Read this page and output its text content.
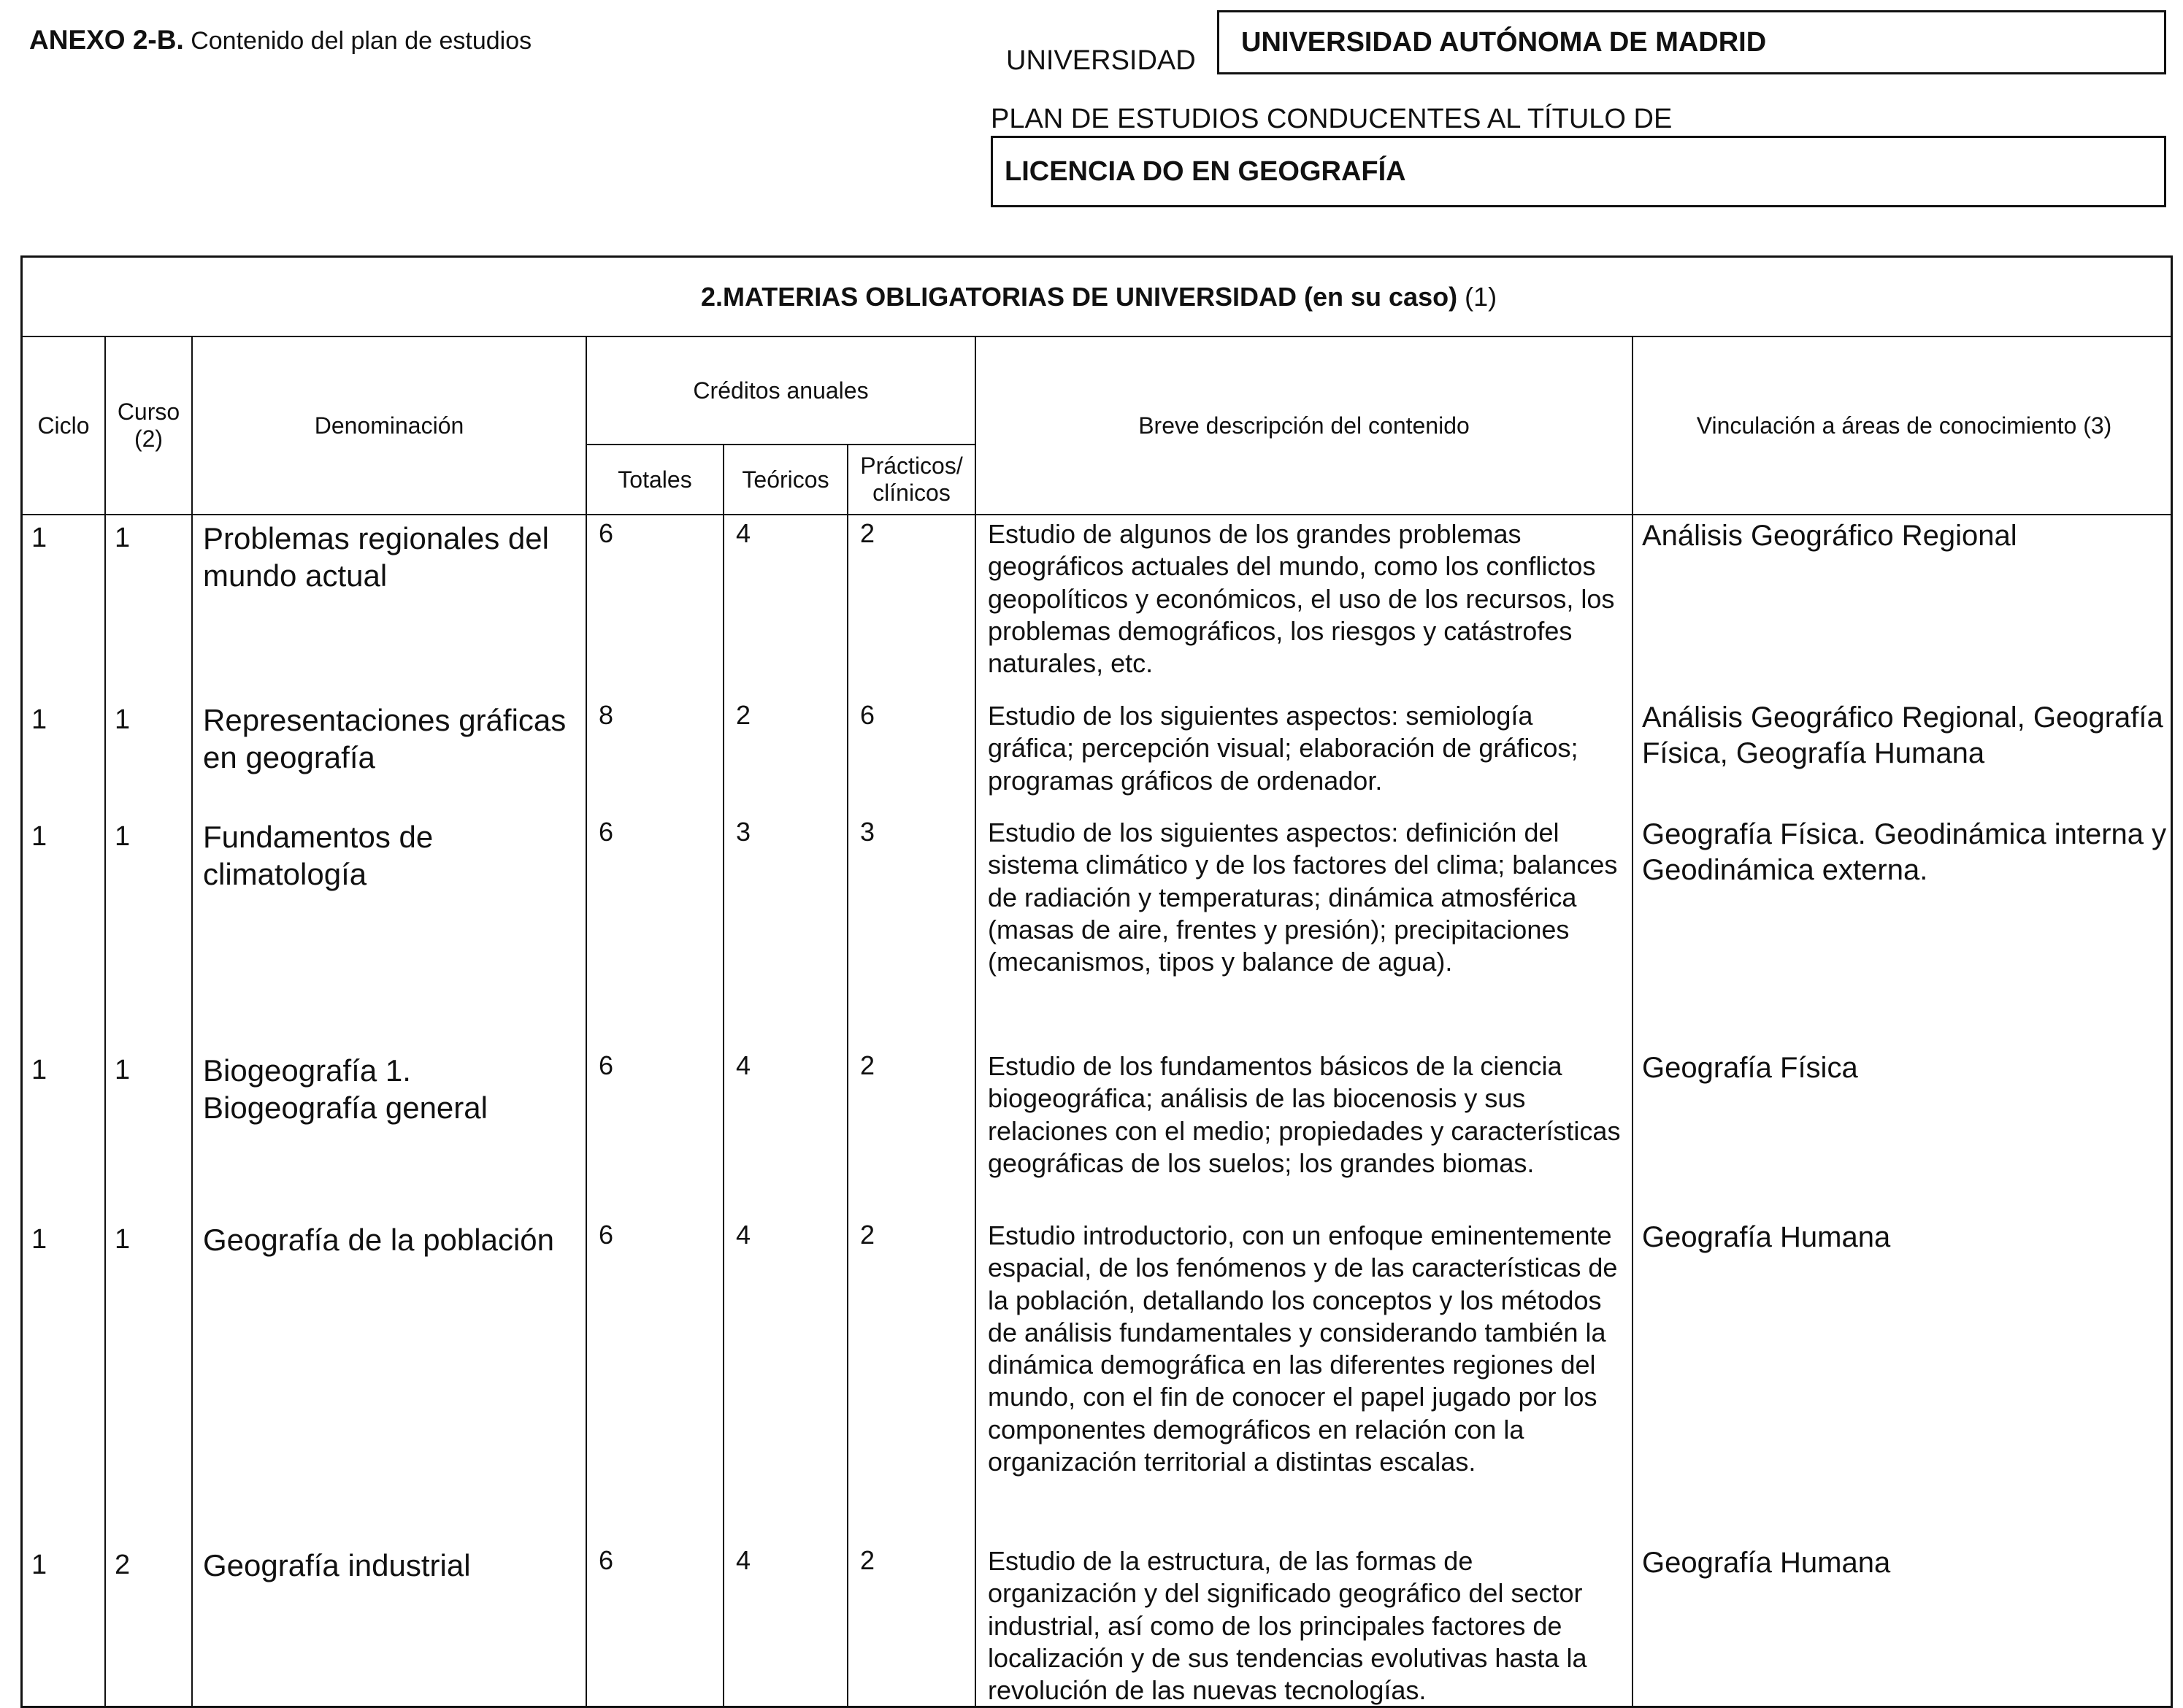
ANEXO 2-B. Contenido del plan de estudios
UNIVERSIDAD
UNIVERSIDAD AUTÓNOMA DE MADRID
PLAN DE ESTUDIOS CONDUCENTES AL TÍTULO DE
LICENCIA DO EN GEOGRAFÍA
2.MATERIAS OBLIGATORIAS DE UNIVERSIDAD (en su caso) (1)							
Ciclo	Curso (2)	Denominación	Créditos anuales			Breve descripción del contenido	Vinculación a áreas de conocimiento (3)
			Totales	Teóricos	Prácticos/ clínicos		
1	1	Problemas regionales del mundo actual	6	4	2	Estudio de algunos de los grandes problemas geográficos actuales del mundo, como los conflictos geopolíticos y económicos, el uso de los recursos, los problemas demográficos, los riesgos y catástrofes naturales, etc.	Análisis Geográfico Regional
1	1	Representaciones gráficas en geografía	8	2	6	Estudio de los siguientes aspectos: semiología gráfica; percepción visual; elaboración de gráficos; programas gráficos de ordenador.	Análisis Geográfico Regional, Geografía Física, Geografía Humana
1	1	Fundamentos de climatología	6	3	3	Estudio de los siguientes aspectos: definición del sistema climático y de los factores del clima; balances de radiación y temperaturas; dinámica atmosférica (masas de aire, frentes y presión); precipitaciones (mecanismos, tipos y balance de agua).	Geografía Física. Geodinámica interna y Geodinámica externa.
1	1	Biogeografía 1. Biogeografía general	6	4	2	Estudio de los fundamentos básicos de la ciencia biogeográfica; análisis de las biocenosis y sus relaciones con el medio; propiedades y características geográficas de los suelos; los grandes biomas.	Geografía Física
1	1	Geografía de la población	6	4	2	Estudio introductorio, con un enfoque eminentemente espacial, de los fenómenos y de las características de la población, detallando los conceptos y los métodos de análisis fundamentales y considerando también la dinámica demográfica en las diferentes regiones del mundo, con el fin de conocer el papel jugado por los componentes demográficos en relación con la organización territorial a distintas escalas.	Geografía Humana
1	2	Geografía industrial	6	4	2	Estudio de la estructura, de las formas de organización y del significado geográfico del sector industrial, así como de los principales factores de localización y de sus tendencias evolutivas hasta la revolución de las nuevas tecnologías.	Geografía Humana
